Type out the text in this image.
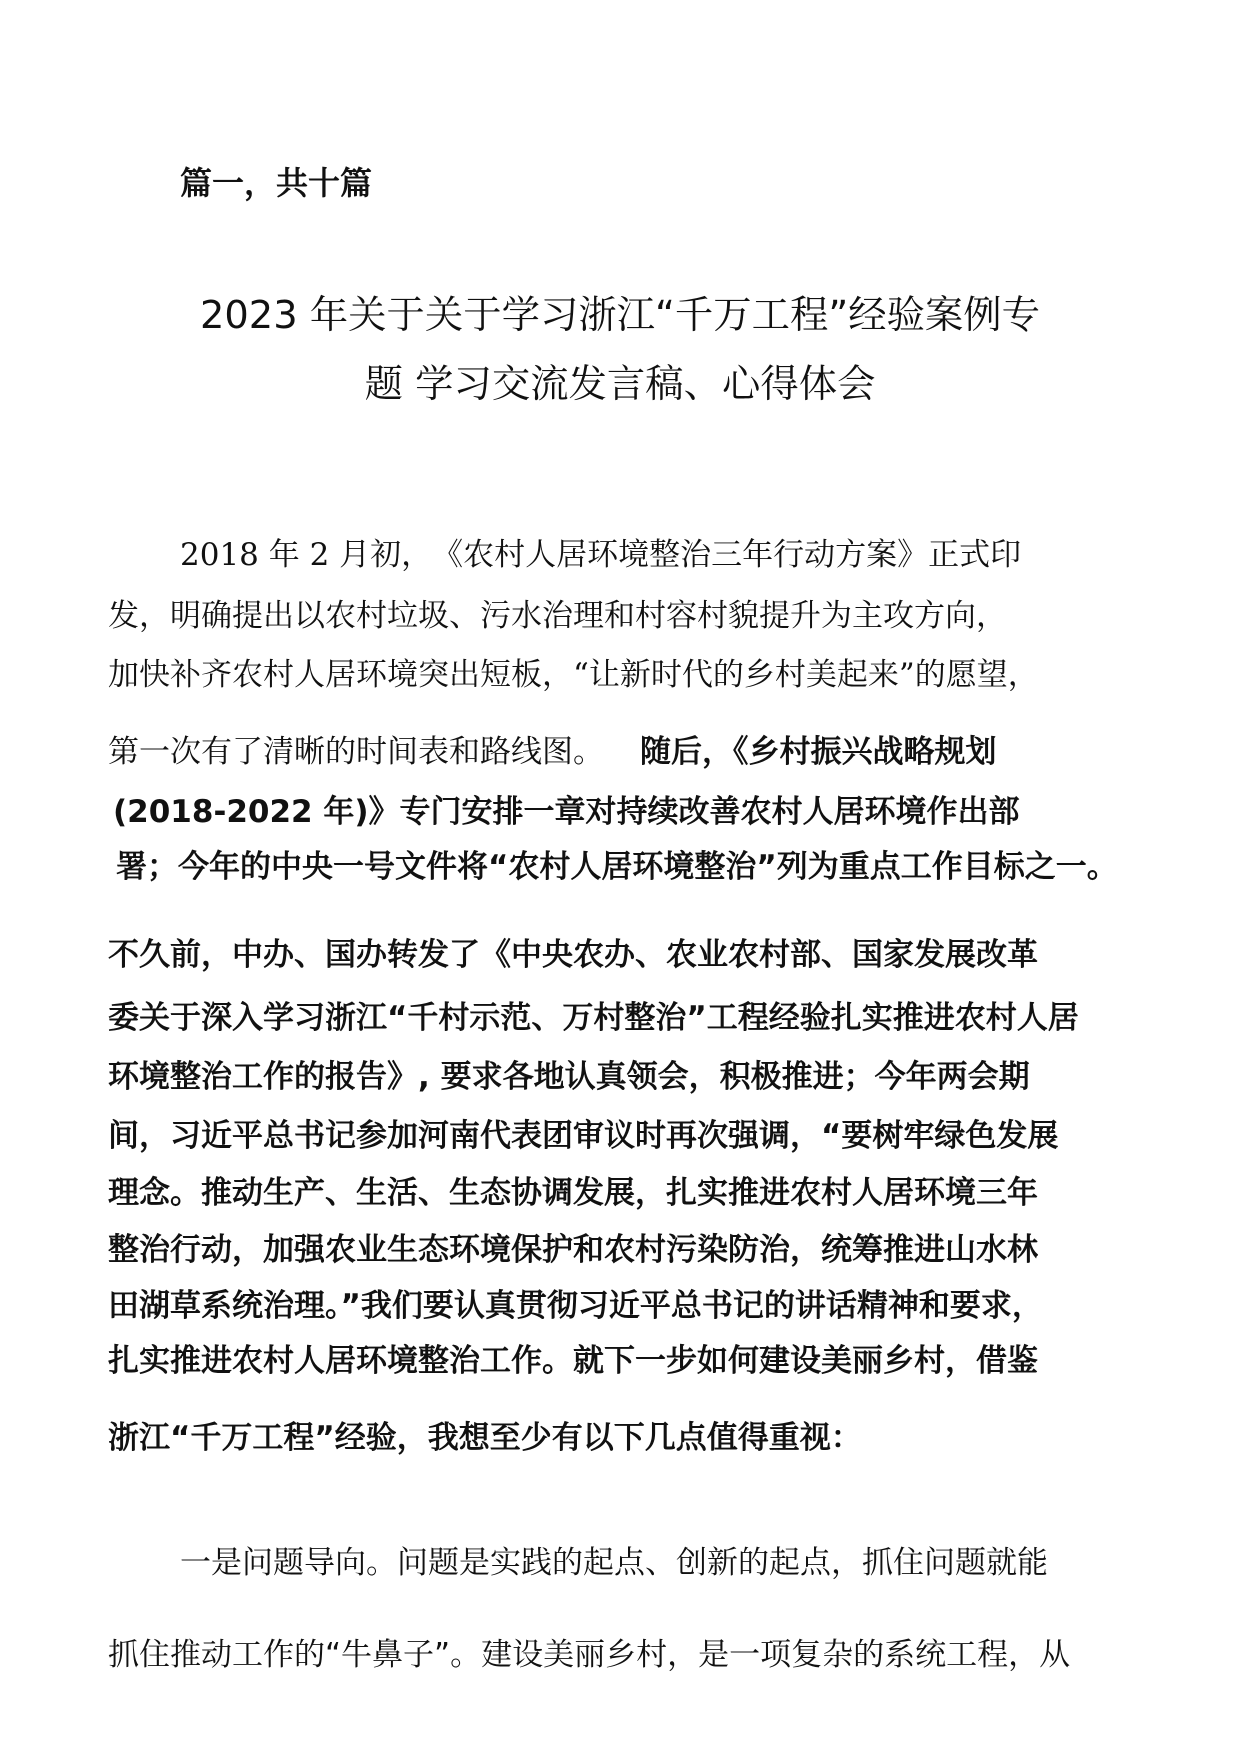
篇一，共十篇

2023 年关于关于学习浙江“千万工程”经验案例专

题 学习交流发言稿、心得体会

2018 年 2 月初，　《农村人居环境整治三年行动方案》正式印

发，明确提出以农村垃圾、污水治理和村容村貌提升为主攻方向，

加快补齐农村人居环境突出短板，“让新时代的乡村美起来”的愿望，

第一次有了清晰的时间表和路线图。 随后，《乡村振兴战略规划

(2018-2022 年)》专门安排一章对持续改善农村人居环境作出部

署；今年的中央一号文件将“农村人居环境整治”列为重点工作目标之一。

不久前，中办、国办转发了《中央农办、农业农村部、国家发展改革

委关于深入学习浙江“千村示范、万村整治”工程经验扎实推进农村人居

环境整治工作的报告》, 要求各地认真领会，积极推进；今年两会期

间，习近平总书记参加河南代表团审议时再次强调，“要树牢绿色发展

理念。推动生产、生活、生态协调发展，扎实推进农村人居环境三年

整治行动，加强农业生态环境保护和农村污染防治，统筹推进山水林

田湖草系统治理。”我们要认真贯彻习近平总书记的讲话精神和要求，

扎实推进农村人居环境整治工作。就下一步如何建设美丽乡村，借鉴

浙江“千万工程”经验，我想至少有以下几点值得重视：

一是问题导向。问题是实践的起点、创新的起点，抓住问题就能

抓住推动工作的“牛鼻子”。建设美丽乡村，是一项复杂的系统工程，从
